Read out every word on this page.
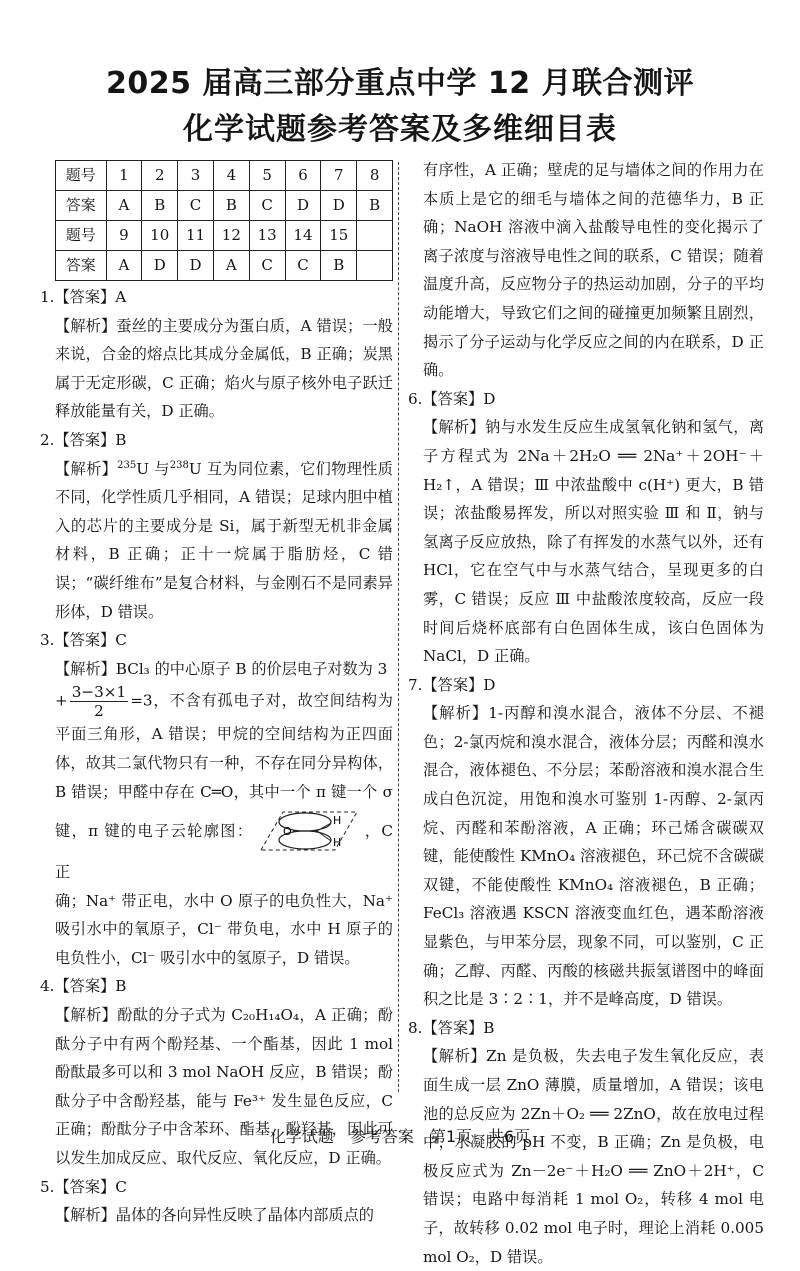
2025 届高三部分重点中学 12 月联合测评
化学试题参考答案及多维细目表
题号	1	2	3	4	5	6	7	8
答案	A	B	C	B	C	D	D	B
题号	9	10	11	12	13	14	15	
答案	A	D	D	A	C	C	B	

1.【答案】A

【解析】蚕丝的主要成分为蛋白质，A 错误；一般来说，合金的熔点比其成分金属低，B 正确；炭黑属于无定形碳，C 正确；焰火与原子核外电子跃迁释放能量有关，D 正确。

2.【答案】B

【解析】$^{235}$U 与$^{238}$U 互为同位素，它们物理性质不同，化学性质几乎相同，A 错误；足球内胆中植入的芯片的主要成分是 Si，属于新型无机非金属材料，B 正确；正十一烷属于脂肪烃，C 错误；“碳纤维布”是复合材料，与金刚石不是同素异形体，D 错误。

3.【答案】C

【解析】BCl₃ 的中心原子 B 的价层电子对数为 3
+ $\frac{3-3\times 1}{2} =3$，不含有孤电子对，故空间结构为平面三角形，A 错误；甲烷的空间结构为正四面体，故其二氯代物只有一种，不存在同分异构体，B 错误；甲醛中存在 C═O，其中一个 π 键一个 σ 键，π 键的电子云轮廓图：	O
H
H
，C 正
确；Na⁺ 带正电，水中 O 原子的电负性大，Na⁺ 吸引水中的氧原子，Cl⁻ 带负电，水中 H 原子的电负性小，Cl⁻ 吸引水中的氢原子，D 错误。

4.【答案】B

【解析】酚酞的分子式为 C₂₀H₁₄O₄，A 正确；酚酞分子中有两个酚羟基、一个酯基，因此 1 mol 酚酞最多可以和 3 mol NaOH 反应，B 错误；酚酞分子中含酚羟基，能与 Fe³⁺ 发生显色反应，C 正确；酚酞分子中含苯环、酯基、酚羟基，因此可以发生加成反应、取代反应、氧化反应，D 正确。

5.【答案】C

【解析】晶体的各向异性反映了晶体内部质点的

有序性，A 正确；壁虎的足与墙体之间的作用力在本质上是它的细毛与墙体之间的范德华力，B 正确；NaOH 溶液中滴入盐酸导电性的变化揭示了离子浓度与溶液导电性之间的联系，C 错误；随着温度升高，反应物分子的热运动加剧，分子的平均动能增大，导致它们之间的碰撞更加频繁且剧烈，揭示了分子运动与化学反应之间的内在联系，D 正确。

6.【答案】D

【解析】钠与水发生反应生成氢氧化钠和氢气，离子方程式为 2Na＋2H₂O ══ 2Na⁺＋2OH⁻＋H₂↑，A 错误；Ⅲ 中浓盐酸中 c(H⁺) 更大，B 错误；浓盐酸易挥发，所以对照实验 Ⅲ 和 Ⅱ，钠与氢离子反应放热，除了有挥发的水蒸气以外，还有 HCl，它在空气中与水蒸气结合，呈现更多的白雾，C 错误；反应 Ⅲ 中盐酸浓度较高，反应一段时间后烧杯底部有白色固体生成，该白色固体为 NaCl，D 正确。

7.【答案】D

【解析】1-丙醇和溴水混合，液体不分层、不褪色；2-氯丙烷和溴水混合，液体分层；丙醛和溴水混合，液体褪色、不分层；苯酚溶液和溴水混合生成白色沉淀，用饱和溴水可鉴别 1-丙醇、2-氯丙烷、丙醛和苯酚溶液，A 正确；环己烯含碳碳双键，能使酸性 KMnO₄ 溶液褪色，环己烷不含碳碳双键，不能使酸性 KMnO₄ 溶液褪色，B 正确；FeCl₃ 溶液遇 KSCN 溶液变血红色，遇苯酚溶液显紫色，与甲苯分层，现象不同，可以鉴别，C 正确；乙醇、丙醛、丙酸的核磁共振氢谱图中的峰面积之比是 3∶2∶1，并不是峰高度，D 错误。

8.【答案】B

【解析】Zn 是负极，失去电子发生氧化反应，表面生成一层 ZnO 薄膜，质量增加，A 错误；该电池的总反应为 2Zn＋O₂ ══ 2ZnO，故在放电过程中，水凝胶的 pH 不变，B 正确；Zn 是负极，电极反应式为 Zn－2e⁻＋H₂O ══ ZnO＋2H⁺，C 错误；电路中每消耗 1 mol O₂，转移 4 mol 电子，故转移 0.02 mol 电子时，理论上消耗 0.005 mol O₂，D 错误。

化学试题　参考答案　第1页　共6页
